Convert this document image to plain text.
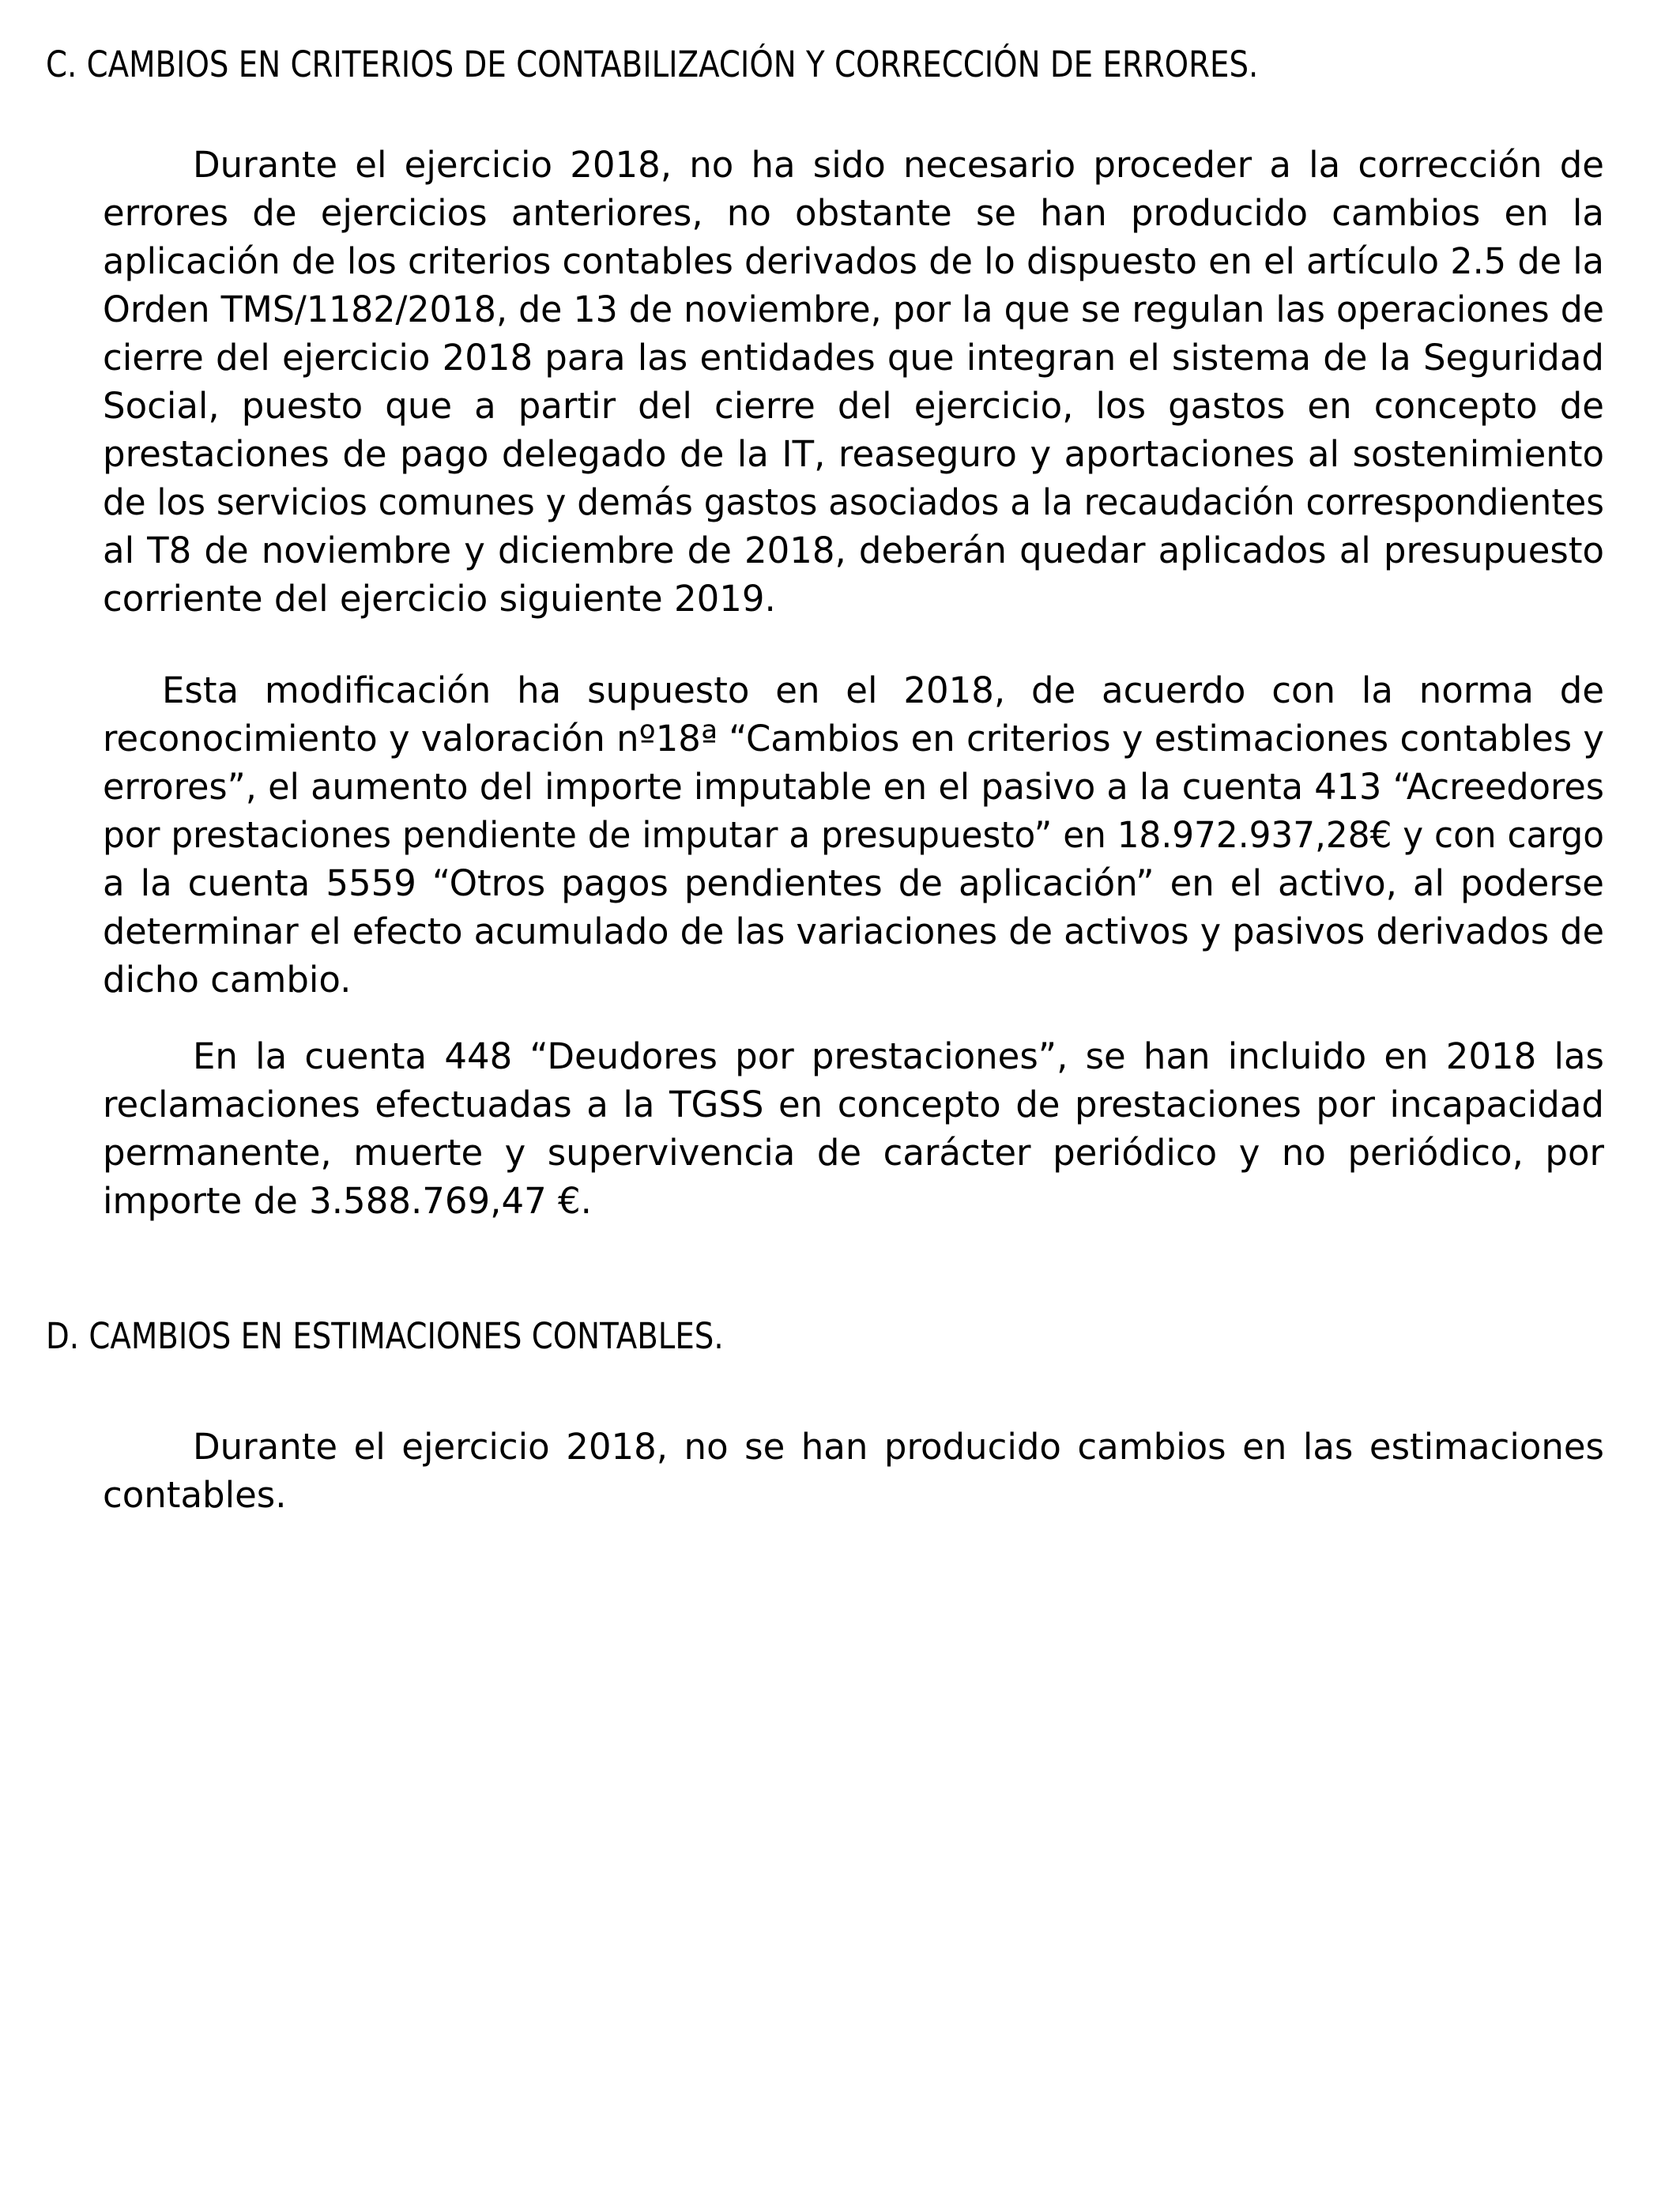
C. CAMBIOS EN CRITERIOS DE CONTABILIZACIÓN Y CORRECCIÓN DE ERRORES.
Durante el ejercicio 2018, no ha sido necesario proceder a la corrección de
errores de ejercicios anteriores, no obstante se han producido cambios en la
aplicación de los criterios contables derivados de lo dispuesto en el artículo 2.5 de la
Orden TMS/1182/2018, de 13 de noviembre, por la que se regulan las operaciones de
cierre del ejercicio 2018 para las entidades que integran el sistema de la Seguridad
Social, puesto que a partir del cierre del ejercicio, los gastos en concepto de
prestaciones de pago delegado de la IT, reaseguro y aportaciones al sostenimiento
de los servicios comunes y demás gastos asociados a la recaudación correspondientes
al T8 de noviembre y diciembre de 2018, deberán quedar aplicados al presupuesto
corriente del ejercicio siguiente 2019.
Esta modificación ha supuesto en el 2018, de acuerdo con la norma de
reconocimiento y valoración nº18ª “Cambios en criterios y estimaciones contables y
errores”, el aumento del importe imputable en el pasivo a la cuenta 413 “Acreedores
por prestaciones pendiente de imputar a presupuesto” en 18.972.937,28€ y con cargo
a la cuenta 5559 “Otros pagos pendientes de aplicación” en el activo, al poderse
determinar el efecto acumulado de las variaciones de activos y pasivos derivados de
dicho cambio.
En la cuenta 448 “Deudores por prestaciones”, se han incluido en 2018 las
reclamaciones efectuadas a la TGSS en concepto de prestaciones por incapacidad
permanente, muerte y supervivencia de carácter periódico y no periódico, por
importe de 3.588.769,47 €.
D. CAMBIOS EN ESTIMACIONES CONTABLES.
Durante el ejercicio 2018, no se han producido cambios en las estimaciones
contables.
